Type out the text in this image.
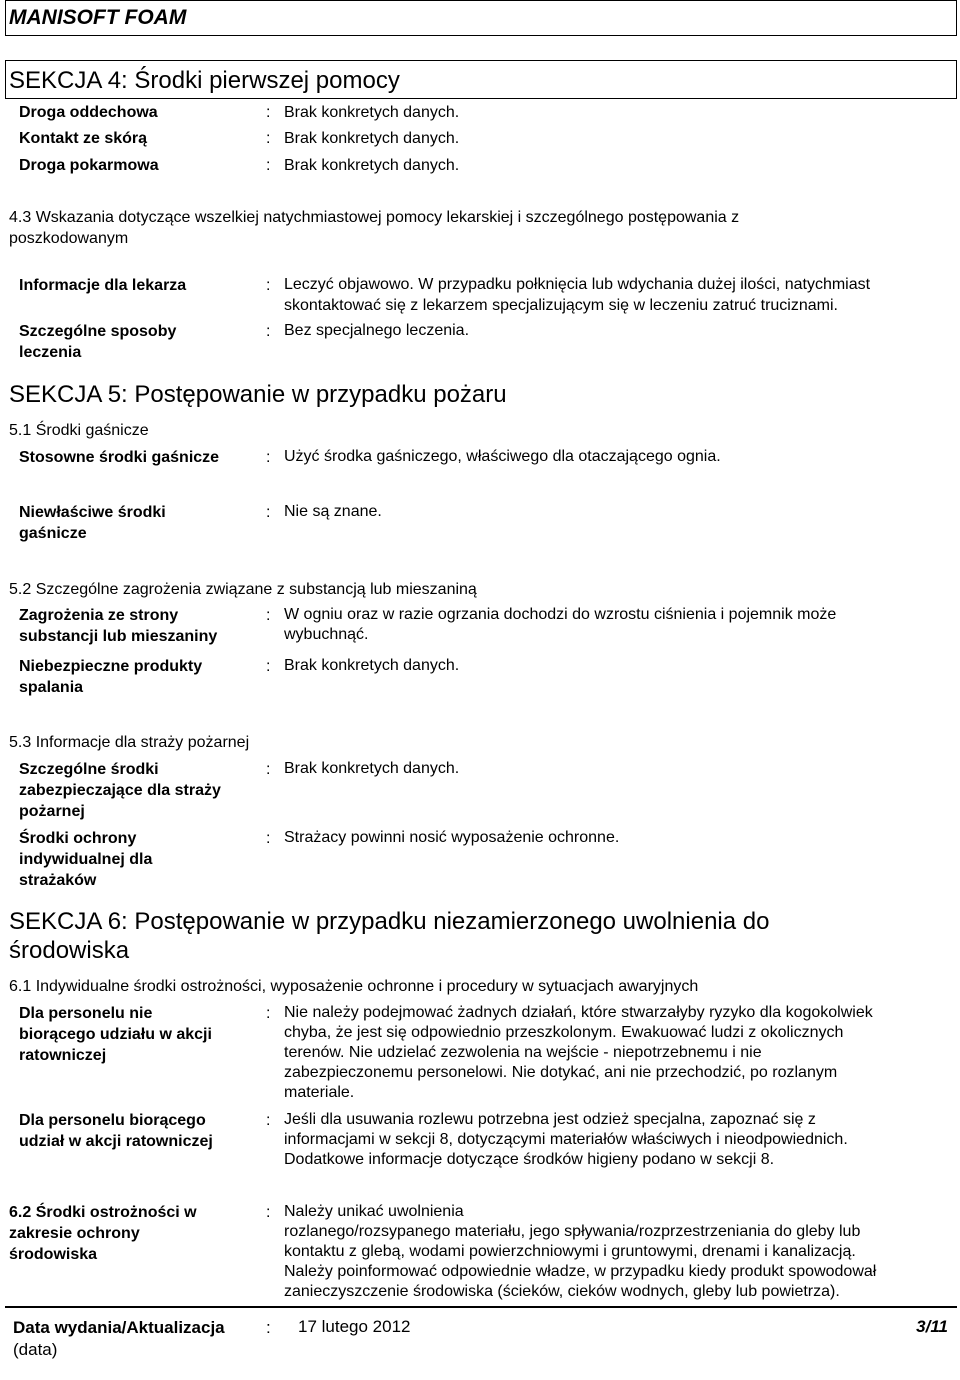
MANISOFT FOAM
SEKCJA 4: Środki pierwszej pomocy
Droga oddechowa	: Brak konkretych danych.
Kontakt ze skórą	: Brak konkretych danych.
Droga pokarmowa	: Brak konkretych danych.
4.3 Wskazania dotyczące wszelkiej natychmiastowej pomocy lekarskiej i szczególnego postępowania z
poszkodowanym
Informacje dla lekarza	: Leczyć objawowo. W przypadku połknięcia lub wdychania dużej ilości, natychmiast
skontaktować się z lekarzem specjalizującym się w leczeniu zatruć truciznami.
Szczególne sposoby
leczenia
: Bez specjalnego leczenia.
SEKCJA 5: Postępowanie w przypadku pożaru
5.1 Środki gaśnicze
Stosowne środki gaśnicze	: Użyć środka gaśniczego, właściwego dla otaczającego ognia.
Niewłaściwe środki
gaśnicze
: Nie są znane.
5.2 Szczególne zagrożenia związane z substancją lub mieszaniną
Zagrożenia ze strony
substancji lub mieszaniny
: W ogniu oraz w razie ogrzania dochodzi do wzrostu ciśnienia i pojemnik może
wybuchnąć.
Niebezpieczne produkty
spalania
: Brak konkretych danych.
5.3 Informacje dla straży pożarnej
Szczególne środki
zabezpieczające dla straży
pożarnej
: Brak konkretych danych.
Środki ochrony
indywidualnej dla
strażaków
: Strażacy powinni nosić wyposażenie ochronne.
SEKCJA 6: Postępowanie w przypadku niezamierzonego uwolnienia do
środowiska
6.1 Indywidualne środki ostrożności, wyposażenie ochronne i procedury w sytuacjach awaryjnych
Dla personelu nie
biorącego udziału w akcji
ratowniczej
: Nie należy podejmować żadnych działań, które stwarzałyby ryzyko dla kogokolwiek
chyba, że jest się odpowiednio przeszkolonym. Ewakuować ludzi z okolicznych
terenów. Nie udzielać zezwolenia na wejście - niepotrzebnemu i nie
zabezpieczonemu personelowi. Nie dotykać, ani nie przechodzić, po rozlanym
materiale.
Dla personelu biorącego
udział w akcji ratowniczej
: Jeśli dla usuwania rozlewu potrzebna jest odzież specjalna, zapoznać się z
informacjami w sekcji 8, dotyczącymi materiałów właściwych i nieodpowiednich.
Dodatkowe informacje dotyczące środków higieny podano w sekcji 8.
6.2 Środki ostrożności w
zakresie ochrony
środowiska
: Należy unikać uwolnienia
rozlanego/rozsypanego materiału, jego spływania/rozprzestrzeniania do gleby lub
kontaktu z glebą, wodami powierzchniowymi i gruntowymi, drenami i kanalizacją.
Należy poinformować odpowiednie władze, w przypadku kiedy produkt spowodował
zanieczyszczenie środowiska (ścieków, cieków wodnych, gleby lub powietrza).
Data wydania/Aktualizacja
(data)
: 17 lutego 2012	3/11
